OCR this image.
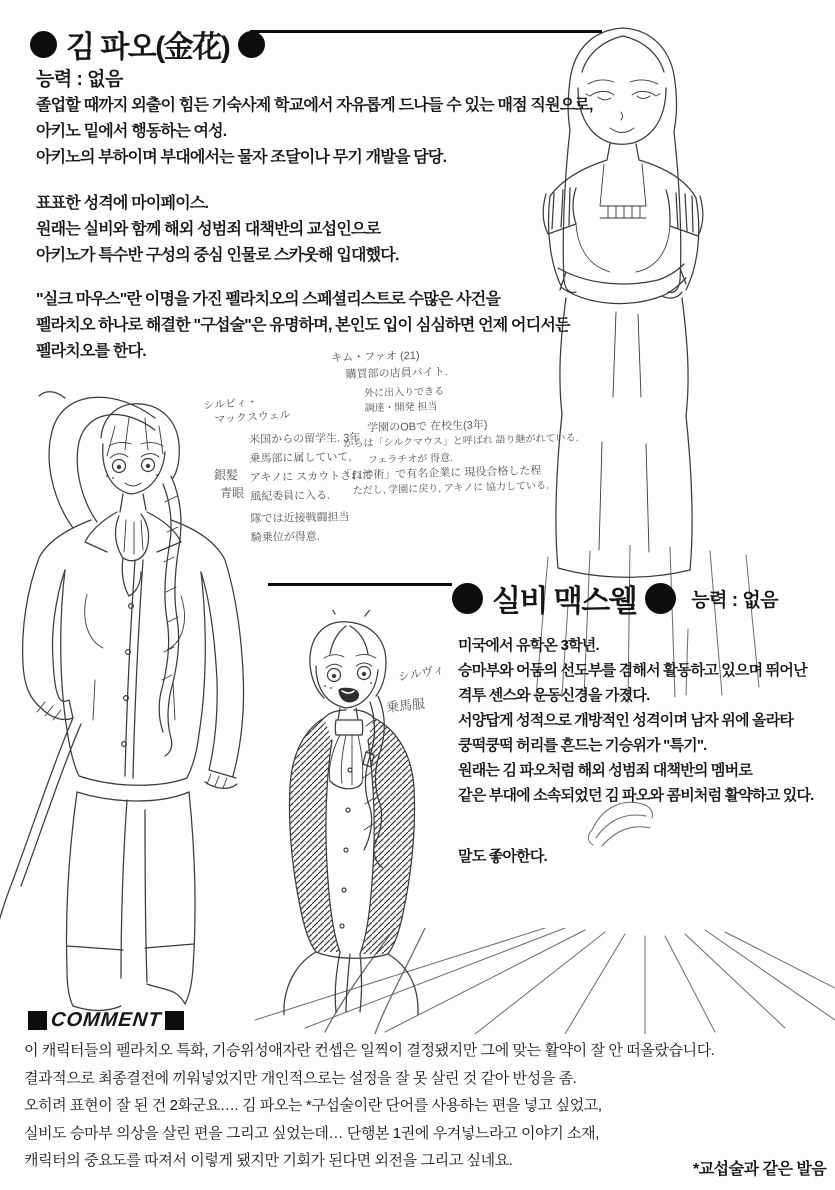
김 파오(金花)
능력 : 없음
졸업할 때까지 외출이 힘든 기숙사제 학교에서 자유롭게 드나들 수 있는 매점 직원으로,
아키노 밑에서 행동하는 여성.
아키노의 부하이며 부대에서는 물자 조달이나 무기 개발을 담당.
표표한 성격에 마이페이스.
원래는 실비와 함께 해외 성범죄 대책반의 교섭인으로
아키노가 특수반 구성의 중심 인물로 스카웃해 입대했다.
"실크 마우스"란 이명을 가진 펠라치오의 스페셜리스트로 수많은 사건을
펠라치오 하나로 해결한 "구섭술"은 유명하며, 본인도 입이 심심하면 언제 어디서든
펠라치오를 한다.	キム・ファオ (21)
購買部の店員バイト.
外に出入りできる
調達・開発 担当
学園のOBで 在校生(3年)
からは「シルクマウス」と呼ばれ 語り継がれている.
フェラチオが 得意.
「口渉術」で有名企業に 現役合格した程
ただし, 学園に戻り, アキノに 協力している.
シルビィ・
マックスウェル
銀髪
青眼
米国からの留学生. 3年
乗馬部に属していて,
アキノに スカウトされて
風紀委員に入る.
隊では近接戦闘担当
騎乗位が得意.
シルヴィ
乗馬服
실비 맥스웰	능력 : 없음
미국에서 유학온 3학년.
승마부와 어둠의 선도부를 겸해서 활동하고 있으며 뛰어난
격투 센스와 운동신경을 가졌다.
서양답게 성적으로 개방적인 성격이며 남자 위에 올라타
쿵떡쿵떡 허리를 흔드는 기승위가 "특기".
원래는 김 파오처럼 해외 성범죄 대책반의 멤버로
같은 부대에 소속되었던 김 파오와 콤비처럼 활약하고 있다.
말도 좋아한다.
COMMENT
이 캐릭터들의 펠라치오 특화, 기승위성애자란 컨셉은 일찍이 결정됐지만 그에 맞는 활약이 잘 안 떠올랐습니다.
결과적으로 최종결전에 끼워넣었지만 개인적으로는 설정을 잘 못 살린 것 같아 반성을 좀.
오히려 표현이 잘 된 건 2화군요…. 김 파오는 *구섭술이란 단어를 사용하는 편을 넣고 싶었고,
실비도 승마부 의상을 살린 편을 그리고 싶었는데… 단행본 1권에 우겨넣느라고 이야기 소재,
캐릭터의 중요도를 따져서 이렇게 됐지만 기회가 된다면 외전을 그리고 싶네요.
*교섭술과 같은 발음
